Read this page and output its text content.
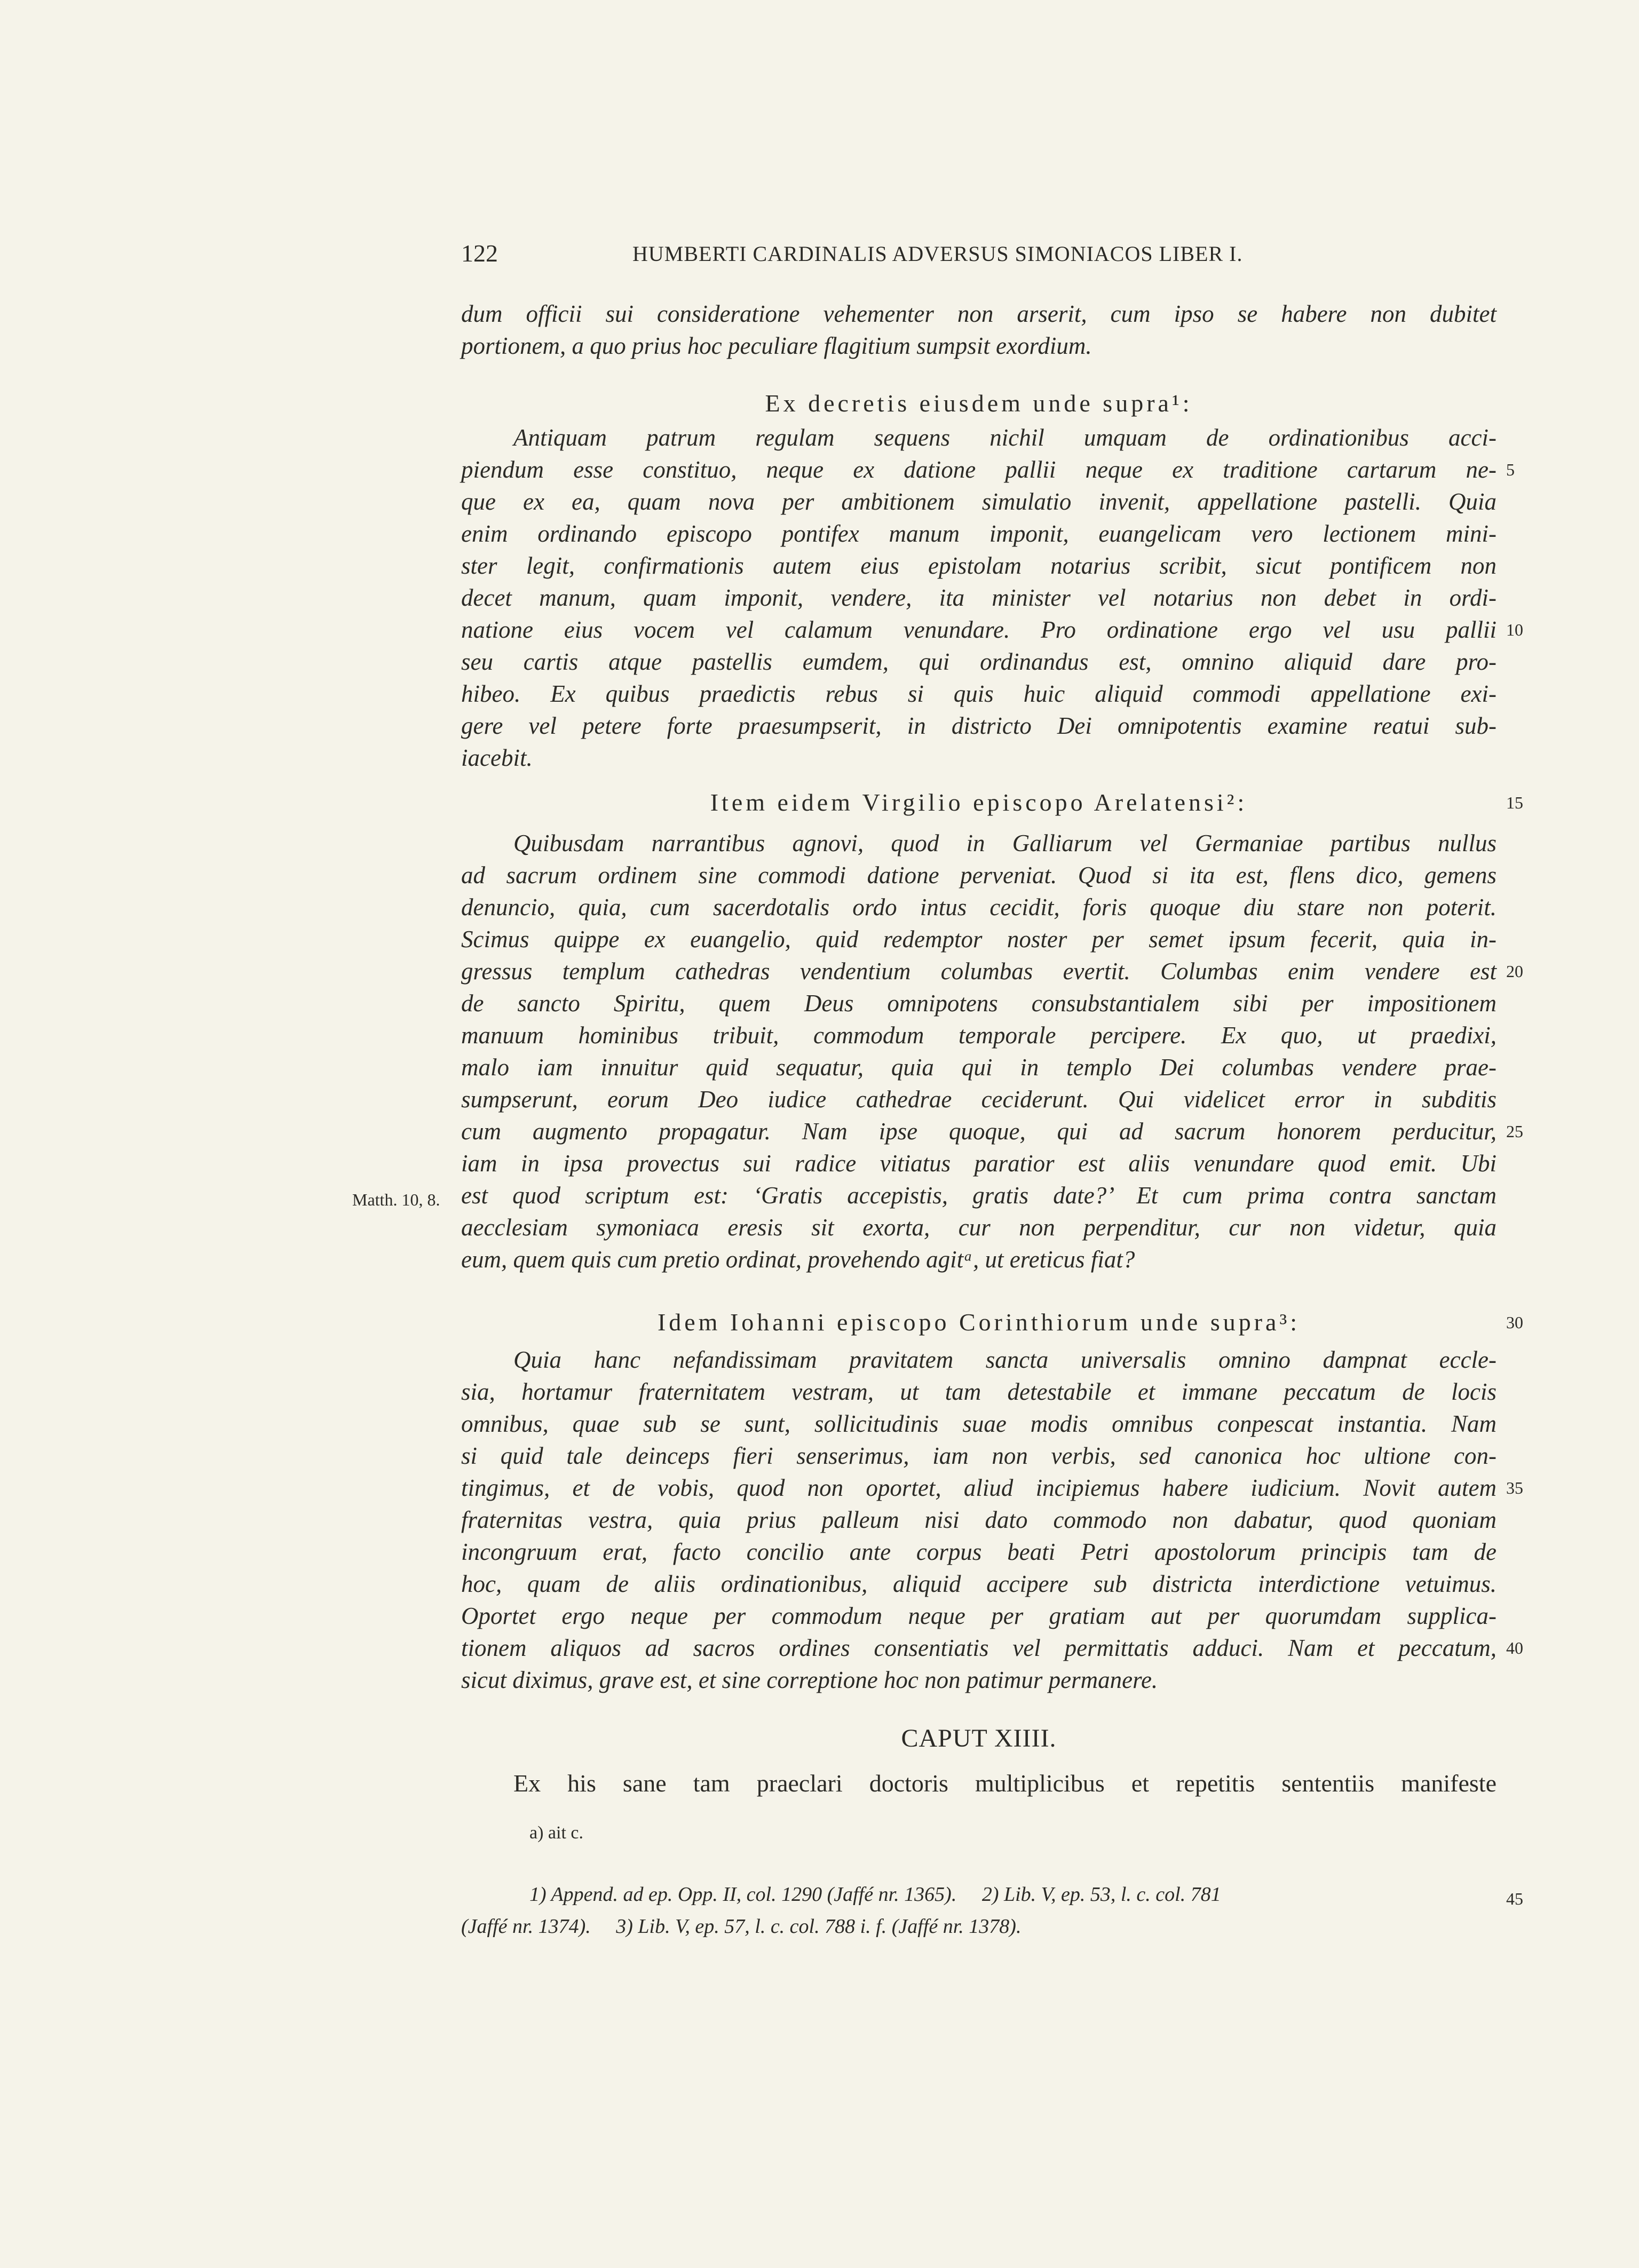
122	HUMBERTI CARDINALIS ADVERSUS SIMONIACOS LIBER I.
dum officii sui consideratione vehementer non arserit, cum ipso se habere non dubitet
portionem, a quo prius hoc peculiare flagitium sumpsit exordium.
Ex decretis eiusdem unde supra¹:
Antiquam patrum regulam sequens nichil umquam de ordinationibus acci-
piendum esse constituo, neque ex datione pallii neque ex traditione cartarum ne-
que ex ea, quam nova per ambitionem simulatio invenit, appellatione pastelli. Quia
enim ordinando episcopo pontifex manum imponit, euangelicam vero lectionem mini-
ster legit, confirmationis autem eius epistolam notarius scribit, sicut pontificem non
decet manum, quam imponit, vendere, ita minister vel notarius non debet in ordi-
natione eius vocem vel calamum venundare. Pro ordinatione ergo vel usu pallii
seu cartis atque pastellis eumdem, qui ordinandus est, omnino aliquid dare pro-
hibeo. Ex quibus praedictis rebus si quis huic aliquid commodi appellatione exi-
gere vel petere forte praesumpserit, in districto Dei omnipotentis examine reatui sub-
iacebit.
Item eidem Virgilio episcopo Arelatensi²:
Quibusdam narrantibus agnovi, quod in Galliarum vel Germaniae partibus nullus
ad sacrum ordinem sine commodi datione perveniat. Quod si ita est, flens dico, gemens
denuncio, quia, cum sacerdotalis ordo intus cecidit, foris quoque diu stare non poterit.
Scimus quippe ex euangelio, quid redemptor noster per semet ipsum fecerit, quia in-
gressus templum cathedras vendentium columbas evertit. Columbas enim vendere est
de sancto Spiritu, quem Deus omnipotens consubstantialem sibi per impositionem
manuum hominibus tribuit, commodum temporale percipere. Ex quo, ut praedixi,
malo iam innuitur quid sequatur, quia qui in templo Dei columbas vendere prae-
sumpserunt, eorum Deo iudice cathedrae ceciderunt. Qui videlicet error in subditis
cum augmento propagatur. Nam ipse quoque, qui ad sacrum honorem perducitur,
iam in ipsa provectus sui radice vitiatus paratior est aliis venundare quod emit. Ubi
est quod scriptum est: ‘Gratis accepistis, gratis date?’ Et cum prima contra sanctam
aecclesiam symoniaca eresis sit exorta, cur non perpenditur, cur non videtur, quia
eum, quem quis cum pretio ordinat, provehendo agitᵃ, ut ereticus fiat?
Matth. 10, 8.
Idem Iohanni episcopo Corinthiorum unde supra³:
Quia hanc nefandissimam pravitatem sancta universalis omnino dampnat eccle-
sia, hortamur fraternitatem vestram, ut tam detestabile et immane peccatum de locis
omnibus, quae sub se sunt, sollicitudinis suae modis omnibus conpescat instantia. Nam
si quid tale deinceps fieri senserimus, iam non verbis, sed canonica hoc ultione con-
tingimus, et de vobis, quod non oportet, aliud incipiemus habere iudicium. Novit autem
fraternitas vestra, quia prius palleum nisi dato commodo non dabatur, quod quoniam
incongruum erat, facto concilio ante corpus beati Petri apostolorum principis tam de
hoc, quam de aliis ordinationibus, aliquid accipere sub districta interdictione vetuimus.
Oportet ergo neque per commodum neque per gratiam aut per quorumdam supplica-
tionem aliquos ad sacros ordines consentiatis vel permittatis adduci. Nam et peccatum,
sicut diximus, grave est, et sine correptione hoc non patimur permanere.
CAPUT XIIII.
Ex his sane tam praeclari doctoris multiplicibus et repetitis sententiis manifeste
a) ait c.
1) Append. ad ep. Opp. II, col. 1290 (Jaffé nr. 1365).     2) Lib. V, ep. 53, l. c. col. 781
(Jaffé nr. 1374).     3) Lib. V, ep. 57, l. c. col. 788 i. f. (Jaffé nr. 1378).
5
10
15
20
25
30
35
40
45
